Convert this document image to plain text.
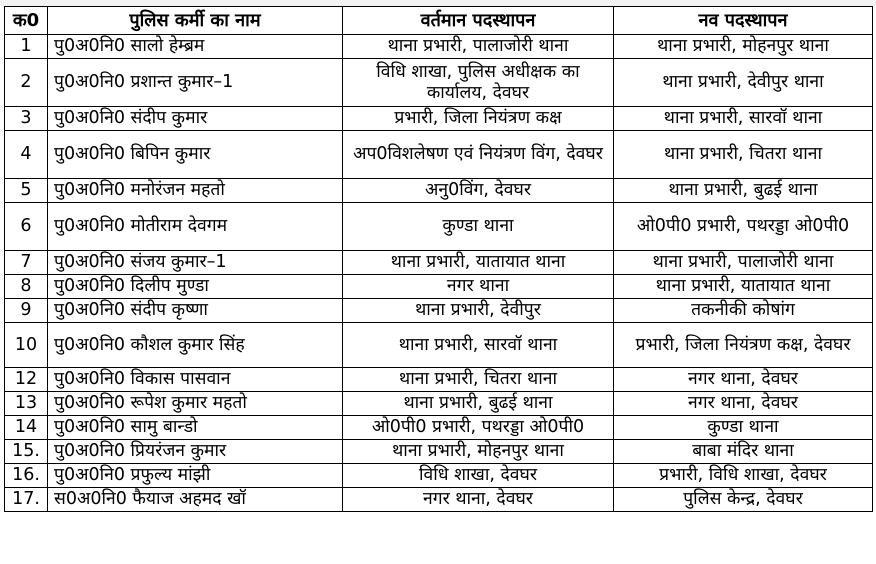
क0	पुलिस कर्मी का नाम	वर्तमान पदस्थापन	नव पदस्थापन
1	पु0अ0नि0 सालो हेम्ब्रम	थाना प्रभारी, पालाजोरी थाना	थाना प्रभारी, मोहनपुर थाना
2	पु0अ0नि0 प्रशान्त कुमार–1	विधि शाखा, पुलिस अधीक्षक का कार्यालय, देवघर	थाना प्रभारी, देवीपुर थाना
3	पु0अ0नि0 संदीप कुमार	प्रभारी, जिला नियंत्रण कक्ष	थाना प्रभारी, सारवॉ थाना
4	पु0अ0नि0 बिपिन कुमार	अप0विशलेषण एवं नियंत्रण विंग, देवघर	थाना प्रभारी, चितरा थाना
5	पु0अ0नि0 मनोरंजन महतो	अनु0विंग, देवघर	थाना प्रभारी, बुढई थाना
6	पु0अ0नि0 मोतीराम देवगम	कुण्डा थाना	ओ0पी0 प्रभारी, पथरड्डा ओ0पी0
7	पु0अ0नि0 संजय कुमार–1	थाना प्रभारी, यातायात थाना	थाना प्रभारी, पालाजोरी थाना
8	पु0अ0नि0 दिलीप मुण्डा	नगर थाना	थाना प्रभारी, यातायात थाना
9	पु0अ0नि0 संदीप कृष्णा	थाना प्रभारी, देवीपुर	तकनीकी कोषांग
10	पु0अ0नि0 कौशल कुमार सिंह	थाना प्रभारी, सारवॉ थाना	प्रभारी, जिला नियंत्रण कक्ष, देवघर
12	पु0अ0नि0 विकास पासवान	थाना प्रभारी, चितरा थाना	नगर थाना, देवघर
13	पु0अ0नि0 रूपेश कुमार महतो	थाना प्रभारी, बुढई थाना	नगर थाना, देवघर
14	पु0अ0नि0 सामु बान्डो	ओ0पी0 प्रभारी, पथरड्डा ओ0पी0	कुण्डा थाना
15.	पु0अ0नि0 प्रियरंजन कुमार	थाना प्रभारी, मोहनपुर थाना	बाबा मंदिर थाना
16.	पु0अ0नि0 प्रफुल्य मांझी	विधि शाखा, देवघर	प्रभारी, विधि शाखा, देवघर
17.	स0अ0नि0 फैयाज अहमद खॉ	नगर थाना, देवघर	पुलिस केन्द्र, देवघर
